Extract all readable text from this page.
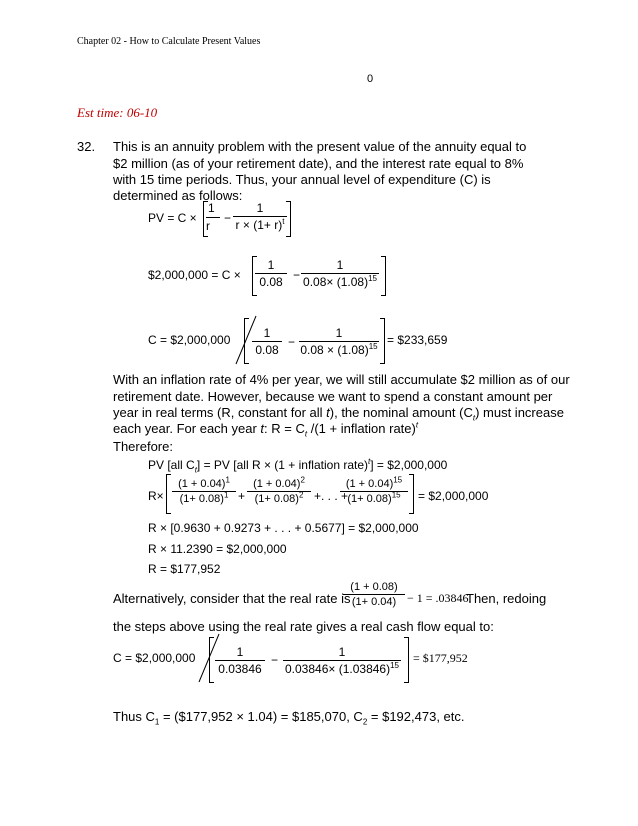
Chapter 02 - How to Calculate Present Values
0
Est time: 06-10
32. This is an annuity problem with the present value of the annuity equal to
$2 million (as of your retirement date), and the interest rate equal to 8%
with 15 time periods. Thus, your annual level of expenditure (C) is
determined as follows:
PV = $C \times \frac{1}{r} - \frac{1}{r \times (1+ r)^t}$
$2,000,000 = $C \times \frac{1}{0.08} - \frac{1}{0.08\times (1.08)^{15}}$
C = $2,000,000 $\frac{1}{0.08} - \frac{1}{0.08 \times (1.08)^{15}}$ = $233,659
With an inflation rate of 4% per year, we will still accumulate $2 million as of our
retirement date. However, because we want to spend a constant amount per
year in real terms (R, constant for all t), the nominal amount $(C_t)$ must increase
each year. For each year t: $R = C_t$ /(1 + inflation rate)$^t$
Therefore:
PV [all $C_t$] = PV [all R × (1 + inflation rate)$^t$] = $2,000,000
$R\times \frac{(1 + 0.04)^1}{(1+ 0.08)^1} + \frac{(1 + 0.04)^2}{(1+ 0.08)^2}$ +. . . +
$\frac{(1 + 0.04)^{15}}{(1+ 0.08)^{15}}$ = $2,000,000
R × [0.9630 + 0.9273 + . . . + 0.5677] = $2,000,000
R × 11.2390 = $2,000,000
R = $177,952
Alternatively, consider that the real rate is
$\frac{(1 + 0.08)}{(1+ 0.04)} - 1 = .03846$.
Then, redoing
the steps above using the real rate gives a real cash flow equal to:
C = $2,000,000 $\frac{1}{0.03846} - \frac{1}{0.03846\times (1.03846)^{15}}$ = $177,952
Thus $C_1$ = ($177,952 × 1.04) = $185,070, $C_2$ = $192,473, etc.
